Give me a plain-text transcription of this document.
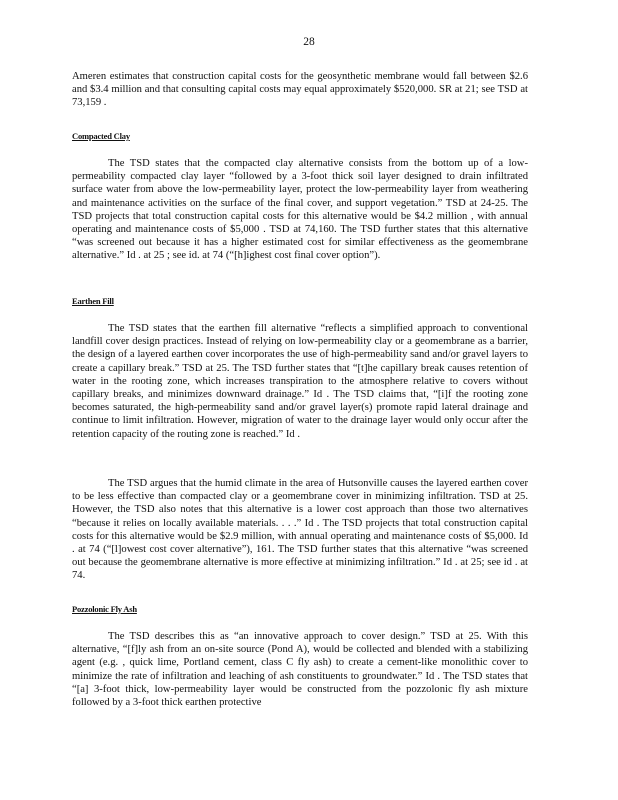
28

Ameren estimates that construction capital costs for the geosynthetic membrane would fall between $2.6 and $3.4 million and that consulting capital costs may equal approximately $520,000. SR at 21; see TSD at 73,159 .

Compacted Clay

The TSD states that the compacted clay alternative consists from the bottom up of a low-permeability compacted clay layer “followed by a 3-foot thick soil layer designed to drain infiltrated surface water from above the low-permeability layer, protect the low-permeability layer from weathering and maintenance activities on the surface of the final cover, and support vegetation.” TSD at 24-25. The TSD projects that total construction capital costs for this alternative would be $4.2 million , with annual operating and maintenance costs of $5,000 . TSD at 74,160. The TSD further states that this alternative “was screened out because it has a higher estimated cost for similar effectiveness as the geomembrane alternative.” Id . at 25 ; see id. at 74 (“[h]ighest cost final cover option”).

Earthen Fill

The TSD states that the earthen fill alternative “reflects a simplified approach to conventional landfill cover design practices. Instead of relying on low-permeability clay or a geomembrane as a barrier, the design of a layered earthen cover incorporates the use of high-permeability sand and/or gravel layers to create a capillary break.” TSD at 25. The TSD further states that “[t]he capillary break causes retention of water in the rooting zone, which increases transpiration to the atmosphere relative to covers without capillary breaks, and minimizes downward drainage.” Id . The TSD claims that, “[i]f the rooting zone becomes saturated, the high-permeability sand and/or gravel layer(s) promote rapid lateral drainage and continue to limit infiltration. However, migration of water to the drainage layer would only occur after the retention capacity of the routing zone is reached.” Id .

The TSD argues that the humid climate in the area of Hutsonville causes the layered earthen cover to be less effective than compacted clay or a geomembrane cover in minimizing infiltration. TSD at 25. However, the TSD also notes that this alternative is a lower cost approach than those two alternatives “because it relies on locally available materials. . . .” Id . The TSD projects that total construction capital costs for this alternative would be $2.9 million, with annual operating and maintenance costs of $5,000. Id . at 74 (“[l]owest cost cover alternative”), 161. The TSD further states that this alternative “was screened out because the geomembrane alternative is more effective at minimizing infiltration.” Id . at 25; see id . at 74.

Pozzolonic Fly Ash

The TSD describes this as “an innovative approach to cover design.” TSD at 25. With this alternative, “[f]ly ash from an on-site source (Pond A), would be collected and blended with a stabilizing agent (e.g. , quick lime, Portland cement, class C fly ash) to create a cement-like monolithic cover to minimize the rate of infiltration and leaching of ash constituents to groundwater.” Id . The TSD states that “[a] 3-foot thick, low-permeability layer would be constructed from the pozzolonic fly ash mixture followed by a 3-foot thick earthen protective
